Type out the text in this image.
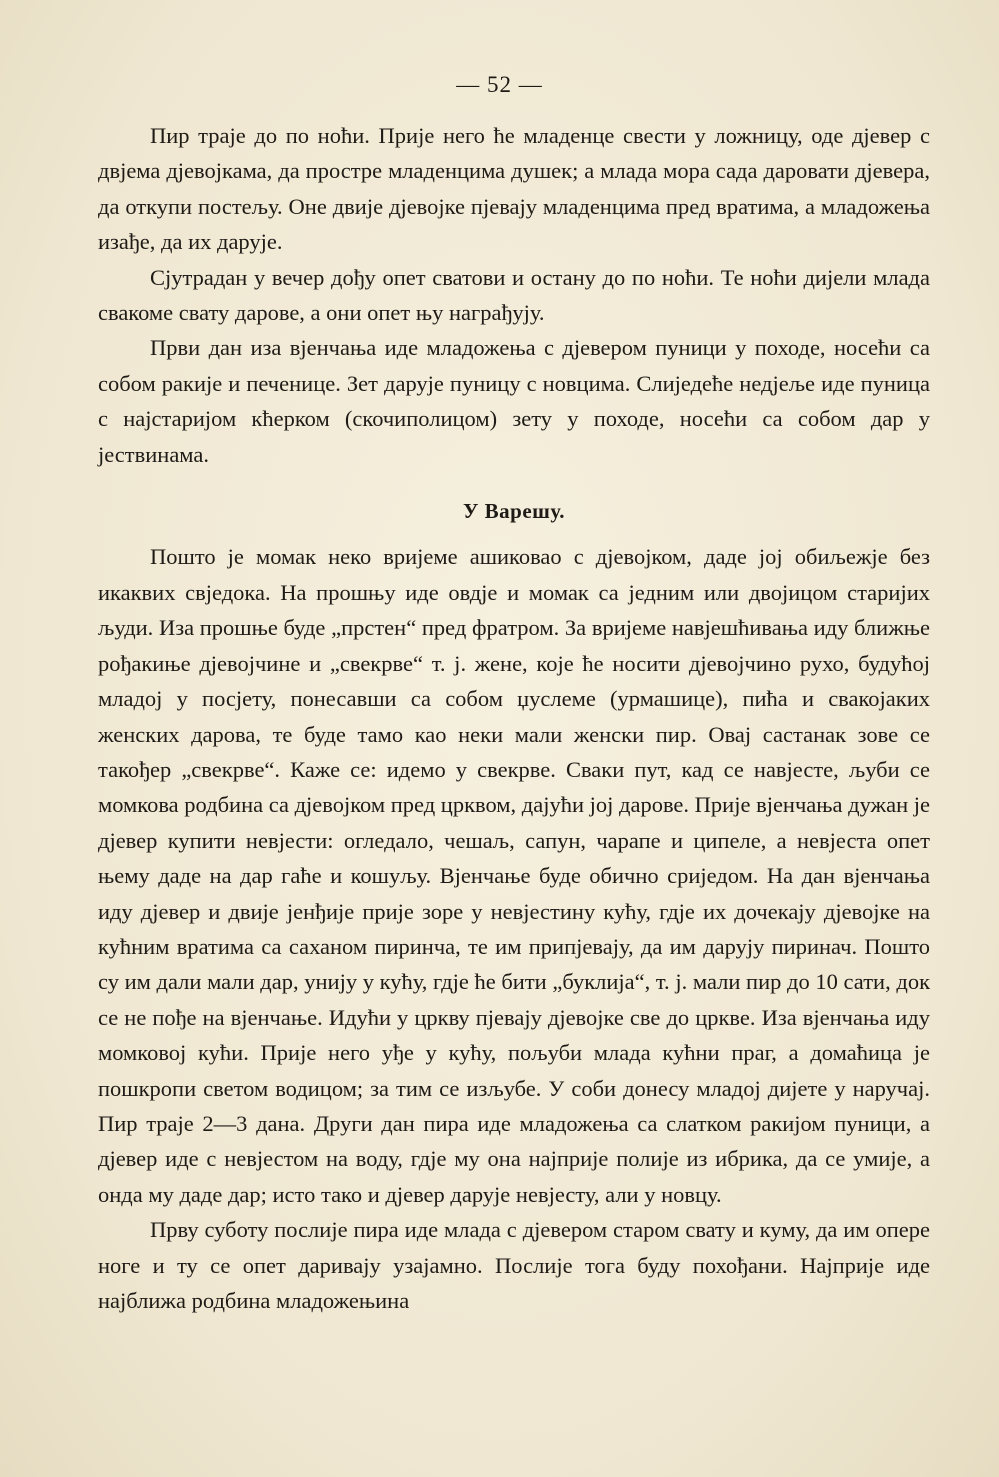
— 52 —

Пир траје до по ноћи. Прије него ће младенце свести у ложницу, оде дјевер с двјема дјевојкама, да простре младенцима душек; а млада мора сада даровати дјевера, да откупи постељу. Оне двије дјевојке пјевају младенцима пред вратима, а младожења изађе, да их дарује.

Сјутрадан у вечер дођу опет сватови и остану до по ноћи. Те ноћи дијели млада свакоме свату дарове, а они опет њу награђују.

Први дан иза вјенчања иде младожења с дјевером пуници у походе, носећи са собом ракије и печенице. Зет дарује пуницу с новцима. Слиједеће недјеље иде пуница с најстаријом кћерком (скочиполицом) зету у походе, носећи са собом дар у јествинама.

У Варешу.

Пошто је момак неко вријеме ашиковао с дјевојком, даде јој обиљежје без икаквих свједока. На прошњу иде овдје и момак са једним или двојицом старијих људи. Иза прошње буде „прстен“ пред фратром. За вријеме навјешћивања иду ближње рођакиње дјевојчине и „свекрве“ т. ј. жене, које ће носити дјевојчино рухо, будућој младој у посјету, понесавши са собом џуслеме (урмашице), пића и свакојаких женских дарова, те буде тамо као неки мали женски пир. Овај састанак зове се такођер „свекрве“. Каже се: идемо у свекрве. Сваки пут, кад се навјесте, љуби се момкова родбина са дјевојком пред црквом, дајући јој дарове. Прије вјенчања дужан је дјевер купити невјести: огледало, чешаљ, сапун, чарапе и ципеле, а невјеста опет њему даде на дар гаће и кошуљу. Вјенчање буде обично сриједом. На дан вјенчања иду дјевер и двије јенђије прије зоре у невјестину кућу, гдје их дочекају дјевојке на кућним вратима са саханом пиринча, те им припјевају, да им дарују пиринач. Пошто су им дали мали дар, унију у кућу, гдје ће бити „буклија“, т. ј. мали пир до 10 сати, док се не пође на вјенчање. Идући у цркву пјевају дјевојке све до цркве. Иза вјенчања иду момковој кући. Прије него уђе у кућу, пољуби млада кућни праг, а домаћица је пошкропи светом водицом; за тим се изљубе. У соби донесу младој дијете у наручај. Пир траје 2—3 дана. Други дан пира иде младожења са слатком ракијом пуници, а дјевер иде с невјестом на воду, гдје му она најприје полије из ибрика, да се умије, а онда му даде дар; исто тако и дјевер дарује невјесту, али у новцу.

Прву суботу послије пира иде млада с дјевером старом свату и куму, да им опере ноге и ту се опет даривају узајамно. Послије тога буду похођани. Најприје иде најближа родбина младожењина
